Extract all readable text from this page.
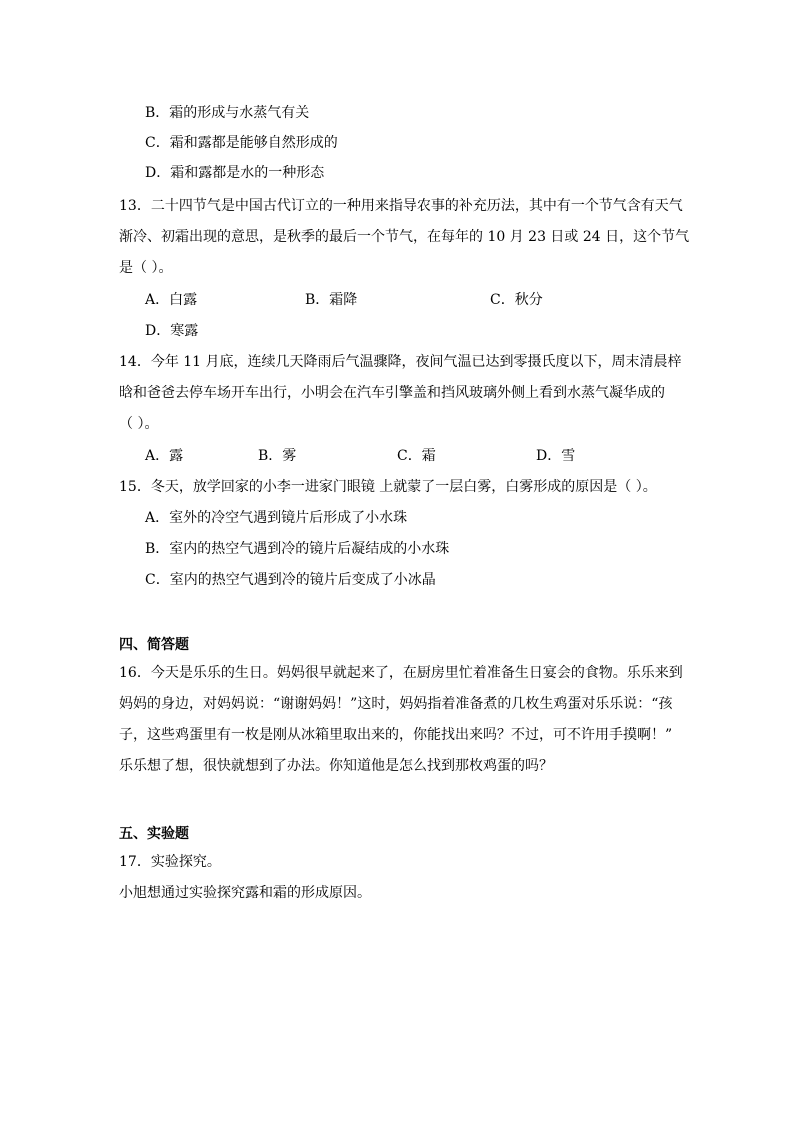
B．霜的形成与水蒸气有关
C．霜和露都是能够自然形成的
D．霜和露都是水的一种形态
13．二十四节气是中国古代订立的一种用来指导农事的补充历法，其中有一个节气含有天气
渐冷、初霜出现的意思，是秋季的最后一个节气，在每年的 10 月 23 日或 24 日，这个节气
是（ ）。
A．白露	B．霜降	C．秋分
D．寒露
14．今年 11 月底，连续几天降雨后气温骤降，夜间气温已达到零摄氏度以下，周末清晨梓
晗和爸爸去停车场开车出行，小明会在汽车引擎盖和挡风玻璃外侧上看到水蒸气凝华成的
（ ）。
A．露	B．雾	C．霜	D．雪
15．冬天，放学回家的小李一进家门眼镜 上就蒙了一层白雾，白雾形成的原因是（ ）。
A．室外的冷空气遇到镜片后形成了小水珠
B．室内的热空气遇到冷的镜片后凝结成的小水珠
C．室内的热空气遇到冷的镜片后变成了小冰晶
四、简答题
16．今天是乐乐的生日。妈妈很早就起来了，在厨房里忙着准备生日宴会的食物。乐乐来到
妈妈的身边，对妈妈说：“谢谢妈妈！”这时，妈妈指着准备煮的几枚生鸡蛋对乐乐说：“孩
子，这些鸡蛋里有一枚是刚从冰箱里取出来的，你能找出来吗？不过，可不许用手摸啊！”
乐乐想了想，很快就想到了办法。你知道他是怎么找到那枚鸡蛋的吗？
五、实验题
17．实验探究。
小旭想通过实验探究露和霜的形成原因。
